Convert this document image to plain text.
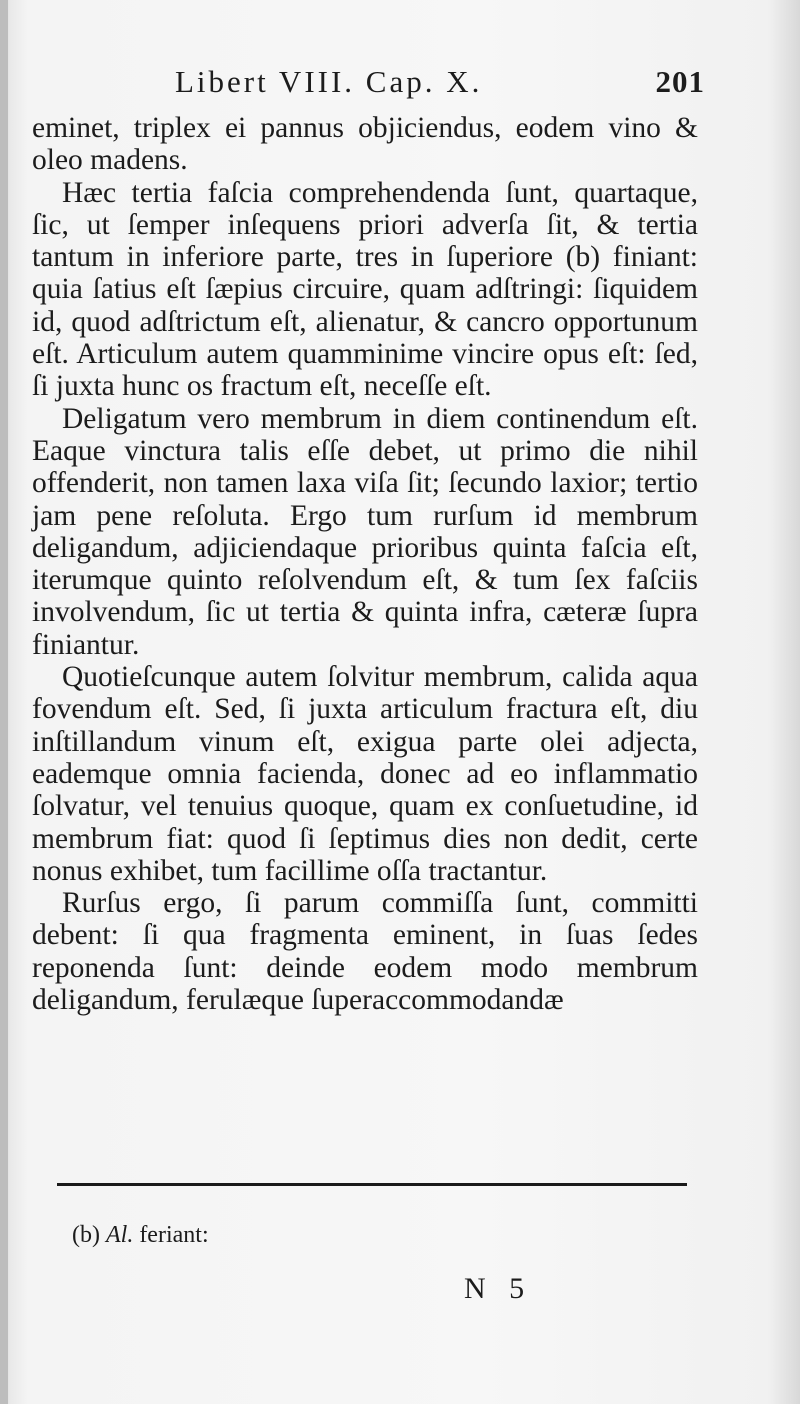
Libert VIII. Cap. X.	201

eminet, triplex ei pannus objiciendus, eodem vino & oleo madens.

Hæc tertia faſcia comprehendenda ſunt, quartaque, ſic, ut ſemper inſequens priori adverſa ſit, & tertia tantum in inferiore parte, tres in ſuperiore (b) finiant: quia ſatius eſt ſæpius circuire, quam adſtringi: ſiquidem id, quod adſtrictum eſt, alienatur, & cancro opportunum eſt. Articulum autem quamminime vincire opus eſt: ſed, ſi juxta hunc os fractum eſt, neceſſe eſt.

Deligatum vero membrum in diem continendum eſt. Eaque vinctura talis eſſe debet, ut primo die nihil offenderit, non tamen laxa viſa ſit; ſecundo laxior; tertio jam pene reſoluta. Ergo tum rurſum id membrum deligandum, adjiciendaque prioribus quinta faſcia eſt, iterumque quinto reſolvendum eſt, & tum ſex faſciis involvendum, ſic ut tertia & quinta infra, cæteræ ſupra finiantur.

Quotieſcunque autem ſolvitur membrum, calida aqua fovendum eſt. Sed, ſi juxta articulum fractura eſt, diu inſtillandum vinum eſt, exigua parte olei adjecta, eademque omnia facienda, donec ad eo inflammatio ſolvatur, vel tenuius quoque, quam ex conſuetudine, id membrum fiat: quod ſi ſeptimus dies non dedit, certe nonus exhibet, tum facillime oſſa tractantur.

Rurſus ergo, ſi parum commiſſa ſunt, committi debent: ſi qua fragmenta eminent, in ſuas ſedes reponenda ſunt: deinde eodem modo membrum deligandum, ferulæque ſuperaccommodandæ

(b) Al. feriant:
N 5
